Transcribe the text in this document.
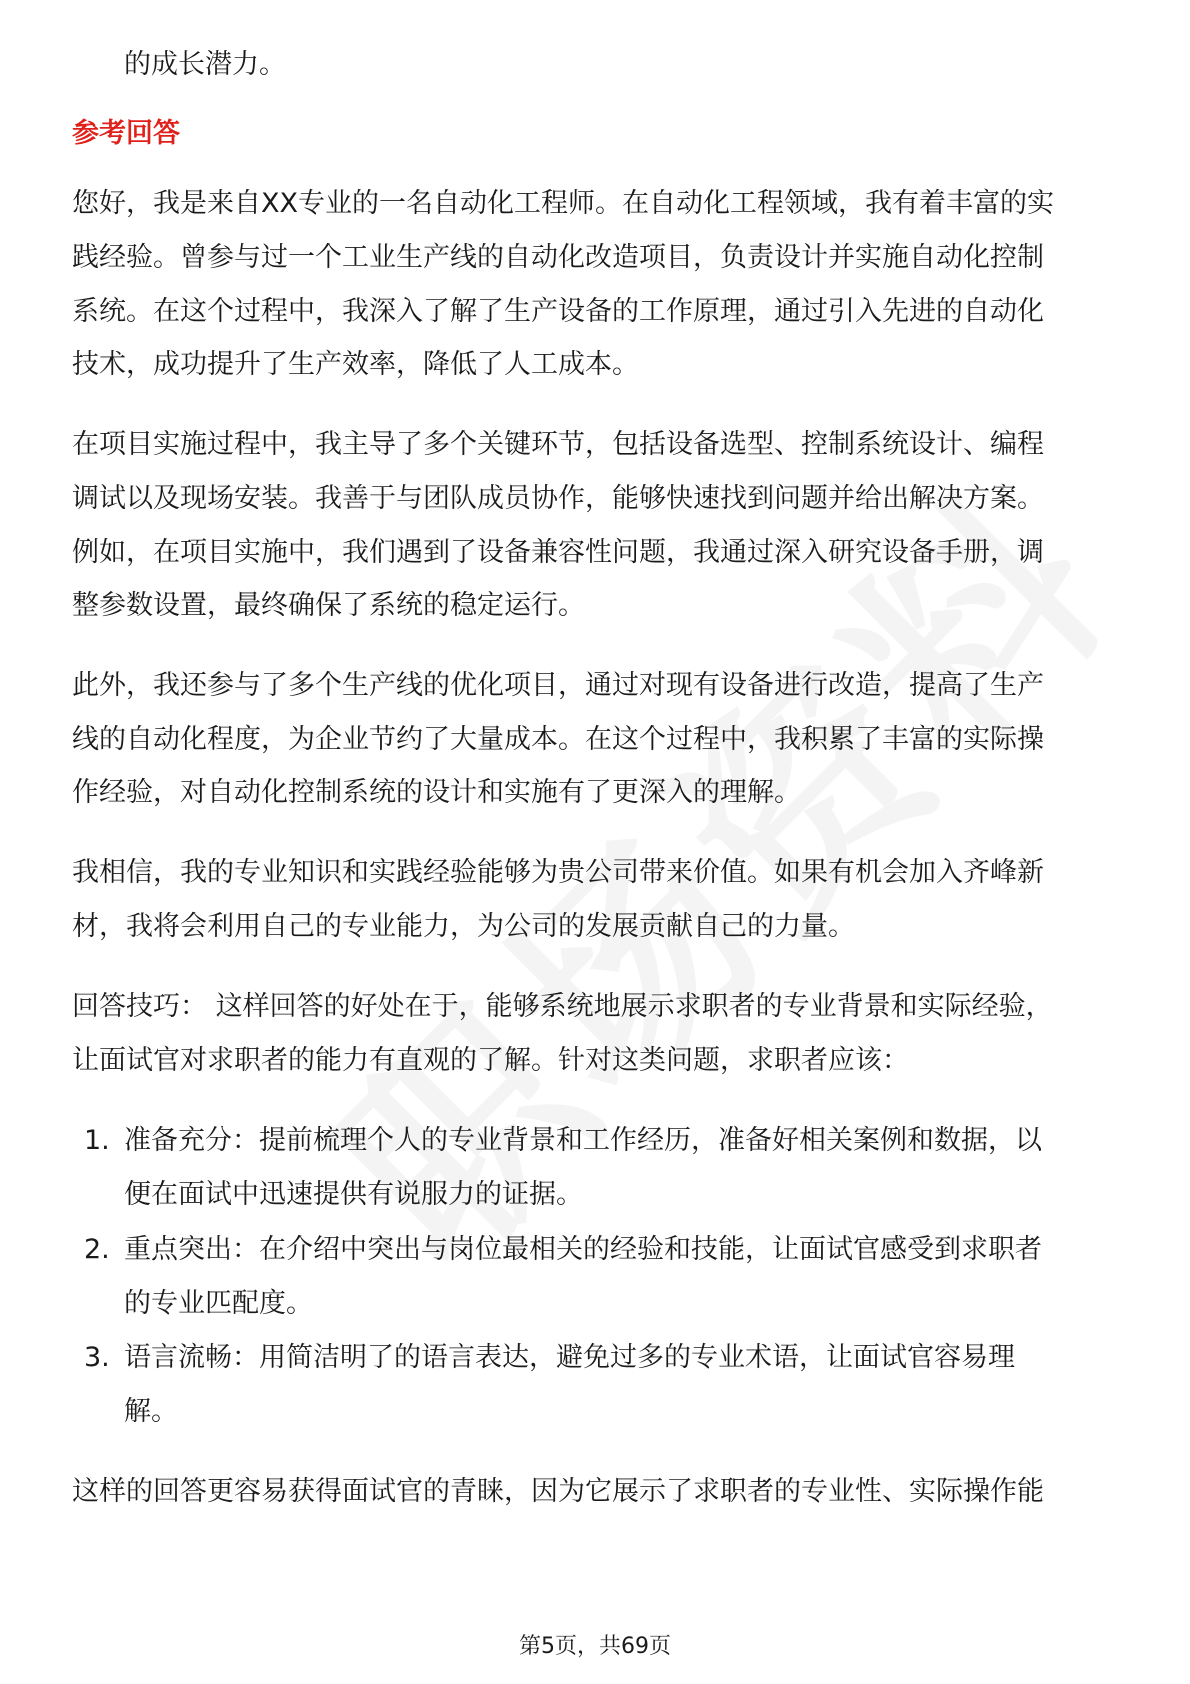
的成长潜力。
参考回答
您好，我是来自XX专业的一名自动化工程师。在自动化工程领域，我有着丰富的实
践经验。曾参与过一个工业生产线的自动化改造项目，负责设计并实施自动化控制
系统。在这个过程中，我深入了解了生产设备的工作原理，通过引入先进的自动化
技术，成功提升了生产效率，降低了人工成本。
在项目实施过程中，我主导了多个关键环节，包括设备选型、控制系统设计、编程
调试以及现场安装。我善于与团队成员协作，能够快速找到问题并给出解决方案。
例如，在项目实施中，我们遇到了设备兼容性问题，我通过深入研究设备手册，调
整参数设置，最终确保了系统的稳定运行。
此外，我还参与了多个生产线的优化项目，通过对现有设备进行改造，提高了生产
线的自动化程度，为企业节约了大量成本。在这个过程中，我积累了丰富的实际操
作经验，对自动化控制系统的设计和实施有了更深入的理解。
我相信，我的专业知识和实践经验能够为贵公司带来价值。如果有机会加入齐峰新
材，我将会利用自己的专业能力，为公司的发展贡献自己的力量。
回答技巧： 这样回答的好处在于，能够系统地展示求职者的专业背景和实际经验，
让面试官对求职者的能力有直观的了解。针对这类问题，求职者应该：
1. 准备充分：提前梳理个人的专业背景和工作经历，准备好相关案例和数据，以
便在面试中迅速提供有说服力的证据。
2. 重点突出：在介绍中突出与岗位最相关的经验和技能，让面试官感受到求职者
的专业匹配度。
3. 语言流畅：用简洁明了的语言表达，避免过多的专业术语，让面试官容易理
解。
这样的回答更容易获得面试官的青睐，因为它展示了求职者的专业性、实际操作能
第5页，共69页
